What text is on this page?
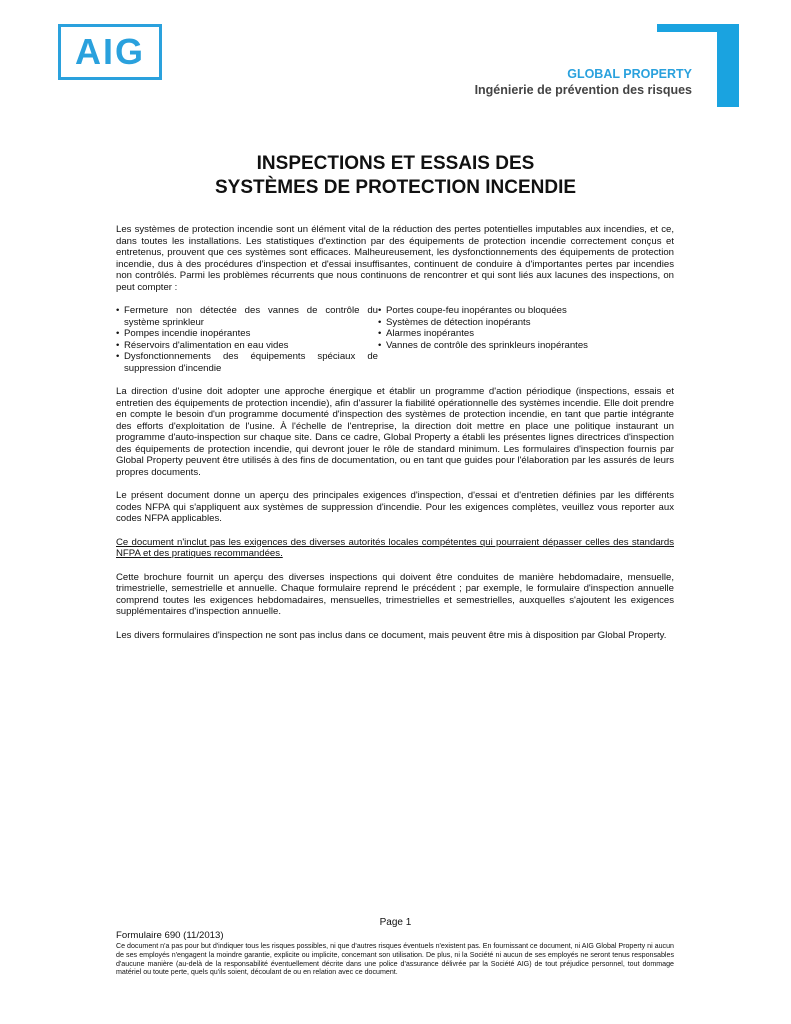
AIG
GLOBAL PROPERTY
Ingénierie de prévention des risques
INSPECTIONS ET ESSAIS DES
SYSTÈMES DE PROTECTION INCENDIE

Les systèmes de protection incendie sont un élément vital de la réduction des pertes potentielles imputables aux incendies, et ce, dans toutes les installations. Les statistiques d'extinction par des équipements de protection incendie correctement conçus et entretenus, prouvent que ces systèmes sont efficaces. Malheureusement, les dysfonctionnements des équipements de protection incendie, dus à des procédures d'inspection et d'essai insuffisantes, continuent de conduire à d'importantes pertes par incendies non contrôlés. Parmi les problèmes récurrents que nous continuons de rencontrer et qui sont liés aux lacunes des inspections, on peut compter :

• Fermeture non détectée des vannes de contrôle du système sprinkleur
• Pompes incendie inopérantes
• Réservoirs d'alimentation en eau vides
• Dysfonctionnements des équipements spéciaux de suppression d'incendie
• Portes coupe-feu inopérantes ou bloquées
• Systèmes de détection inopérants
• Alarmes inopérantes
• Vannes de contrôle des sprinkleurs inopérantes

La direction d'usine doit adopter une approche énergique et établir un programme d'action périodique (inspections, essais et entretien des équipements de protection incendie), afin d'assurer la fiabilité opérationnelle des systèmes incendie. Elle doit prendre en compte le besoin d'un programme documenté d'inspection des systèmes de protection incendie, en tant que partie intégrante des efforts d'exploitation de l'usine. À l'échelle de l'entreprise, la direction doit mettre en place une politique instaurant un programme d'auto-inspection sur chaque site. Dans ce cadre, Global Property a établi les présentes lignes directrices d'inspection des équipements de protection incendie, qui devront jouer le rôle de standard minimum. Les formulaires d'inspection fournis par Global Property peuvent être utilisés à des fins de documentation, ou en tant que guides pour l'élaboration par les assurés de leurs propres documents.

Le présent document donne un aperçu des principales exigences d'inspection, d'essai et d'entretien définies par les différents codes NFPA qui s'appliquent aux systèmes de suppression d'incendie. Pour les exigences complètes, veuillez vous reporter aux codes NFPA applicables.

Ce document n'inclut pas les exigences des diverses autorités locales compétentes qui pourraient dépasser celles des standards NFPA et des pratiques recommandées.

Cette brochure fournit un aperçu des diverses inspections qui doivent être conduites de manière hebdomadaire, mensuelle, trimestrielle, semestrielle et annuelle. Chaque formulaire reprend le précédent ; par exemple, le formulaire d'inspection annuelle comprend toutes les exigences hebdomadaires, mensuelles, trimestrielles et semestrielles, auxquelles s'ajoutent les exigences supplémentaires d'inspection annuelle.

Les divers formulaires d'inspection ne sont pas inclus dans ce document, mais peuvent être mis à disposition par Global Property.

Page 1
Formulaire 690 (11/2013)
Ce document n'a pas pour but d'indiquer tous les risques possibles, ni que d'autres risques éventuels n'existent pas. En fournissant ce document, ni AIG Global Property ni aucun de ses employés n'engagent la moindre garantie, explicite ou implicite, concernant son utilisation. De plus, ni la Société ni aucun de ses employés ne seront tenus responsables d'aucune manière (au-delà de la responsabilité éventuellement décrite dans une police d'assurance délivrée par la Société AIG) de tout préjudice personnel, tout dommage matériel ou toute perte, quels qu'ils soient, découlant de ou en relation avec ce document.
